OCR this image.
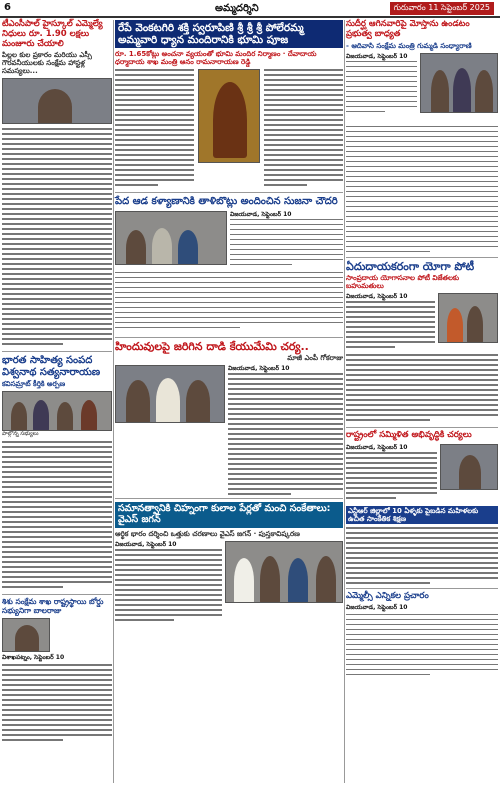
6	అమ్మదర్శిని	గురువారం 11 సెప్టెంబర్ 2025
టీఎంసీపాల్ హైస్కూల్ ఎమ్మెల్యే నిధులు రూ. 1.90 లక్షలు మంజూరు చేయాలి
పిల్లల కుల ప్రకారం మరియు ఎస్సీ గౌరవనీయులకు సంక్షేమ హాస్టళ్ల సమస్యలు...
భారత సాహిత్య సంపద విశ్వనాథ సత్యనారాయణ
కవిసమ్రాట్ కీర్తికి అర్పణ
పాల్గొన్న సభ్యులు
శిశు సంక్షేమ శాఖ రాష్ట్రస్థాయి బోర్డు సభ్యునిగా బాలరాజు
విశాఖపట్నం, సెప్టెంబర్ 10
రేపే వెంకటగిరి శక్తి స్వరూపిణి శ్రీ శ్రీ శ్రీ పోలేరమ్మ అమ్మవారి ధ్యాన మందిరానికి భూమి పూజ
రూ. 1.65కోట్లు అంచనా వ్యయంతో భూమి మందిర నిర్మాణం · దేవాదాయ ధర్మాదాయ శాఖ మంత్రి ఆనం రామనారాయణ రెడ్డి
పేద ఆడ కళ్యాణానికి తాళిబొట్లు అందించిన సుజనా చౌదరి
విజయవాడ, సెప్టెంబర్ 10
హిందువులపై జరిగిన దాడి కేయుమేమి చర్య..
మాజీ ఎంపీ గోకరాజు
విజయవాడ, సెప్టెంబర్ 10
సమానత్వానికి చిహ్నంగా కులాల పేర్లతో మంచి సంకేతాలు: వైఎస్ జగన్
ఆర్థిక భారం దర్శించి ఒత్తుకు చరణాలు వైఎస్ జగన్ · పుస్తకావిష్కరణ
విజయవాడ, సెప్టెంబర్ 10
సుదీర్ఘ ఆగినవారిపై మోస్తాను ఉండటం ప్రభుత్వ బాధ్యత
- ఆదివాసి సంక్షేమ మంత్రి గుమ్మడి సంధ్యారాణి
విజయవాడ, సెప్టెంబర్ 10
ఏదుదాయకరంగా యోగా పోటీ
సాంప్రదాయ యోగాసనాల పోటీ విజేతలకు బహుమతులు
విజయవాడ, సెప్టెంబర్ 10
రాష్ట్రంలో సమ్మిళిత అభివృద్ధికి చర్యలు
విజయవాడ, సెప్టెంబర్ 10
ఎన్టీఆర్ జిల్లాలో 10 ఏళ్ళకు పైబడిన మహిళలకు ఉచిత సాంకేతిక శిక్షణ
ఎమ్మెల్సీ ఎన్నికల ప్రచారం
విజయవాడ, సెప్టెంబర్ 10
